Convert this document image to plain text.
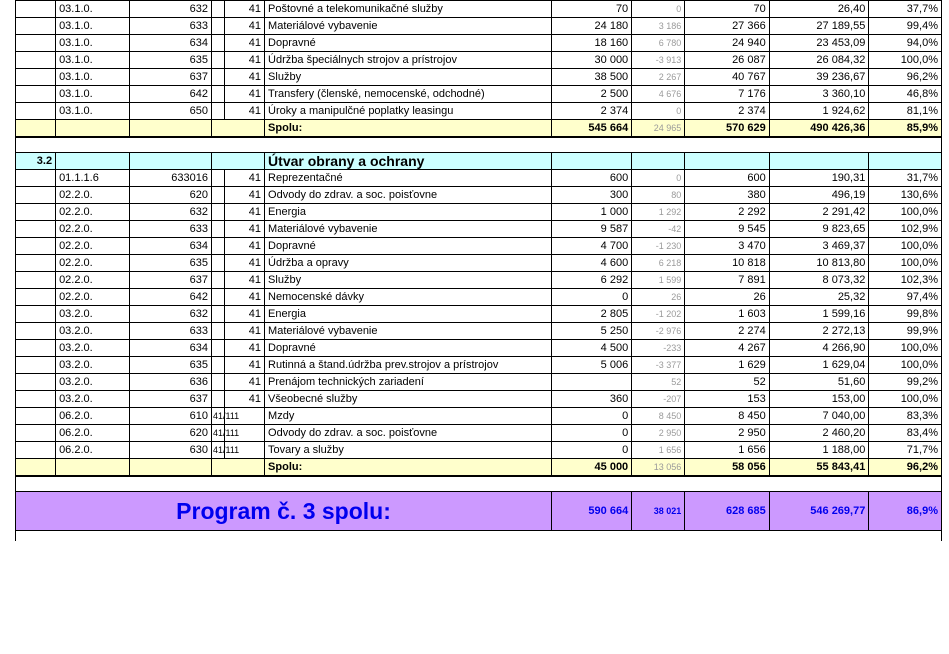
	03.1.0.	632		41	Poštovné a telekomunikačné služby	70	0	70	26,40	37,7%
	03.1.0.	633		41	Materiálové vybavenie	24 180	3 186	27 366	27 189,55	99,4%
	03.1.0.	634		41	Dopravné	18 160	6 780	24 940	23 453,09	94,0%
	03.1.0.	635		41	Údržba špeciálnych strojov a prístrojov	30 000	-3 913	26 087	26 084,32	100,0%
	03.1.0.	637		41	Služby	38 500	2 267	40 767	39 236,67	96,2%
	03.1.0.	642		41	Transfery (členské, nemocenské, odchodné)	2 500	4 676	7 176	3 360,10	46,8%
	03.1.0.	650		41	Úroky a manipulčné poplatky leasingu	2 374	0	2 374	1 924,62	81,1%
					Spolu:	545 664	24 965	570 629	490 426,36	85,9%

3.2					Útvar obrany a ochrany					
	01.1.1.6	633016		41	Reprezentačné	600	0	600	190,31	31,7%
	02.2.0.	620		41	Odvody do zdrav. a soc. poisťovne	300	80	380	496,19	130,6%
	02.2.0.	632		41	Energia	1 000	1 292	2 292	2 291,42	100,0%
	02.2.0.	633		41	Materiálové vybavenie	9 587	-42	9 545	9 823,65	102,9%
	02.2.0.	634		41	Dopravné	4 700	-1 230	3 470	3 469,37	100,0%
	02.2.0.	635		41	Údržba a opravy	4 600	6 218	10 818	10 813,80	100,0%
	02.2.0.	637		41	Služby	6 292	1 599	7 891	8 073,32	102,3%
	02.2.0.	642		41	Nemocenské dávky	0	26	26	25,32	97,4%
	03.2.0.	632		41	Energia	2 805	-1 202	1 603	1 599,16	99,8%
	03.2.0.	633		41	Materiálové vybavenie	5 250	-2 976	2 274	2 272,13	99,9%
	03.2.0.	634		41	Dopravné	4 500	-233	4 267	4 266,90	100,0%
	03.2.0.	635		41	Rutinná a štand.údržba prev.strojov a prístrojov	5 006	-3 377	1 629	1 629,04	100,0%
	03.2.0.	636		41	Prenájom technických zariadení		52	52	51,60	99,2%
	03.2.0.	637		41	Všeobecné služby	360	-207	153	153,00	100,0%
	06.2.0.	610	41/111		Mzdy	0	8 450	8 450	7 040,00	83,3%
	06.2.0.	620	41/111		Odvody do zdrav. a soc. poisťovne	0	2 950	2 950	2 460,20	83,4%
	06.2.0.	630	41/111		Tovary a služby	0	1 656	1 656	1 188,00	71,7%
					Spolu:	45 000	13 056	58 056	55 843,41	96,2%

Program č. 3 spolu:						590 664	38 021	628 685	546 269,77	86,9%
